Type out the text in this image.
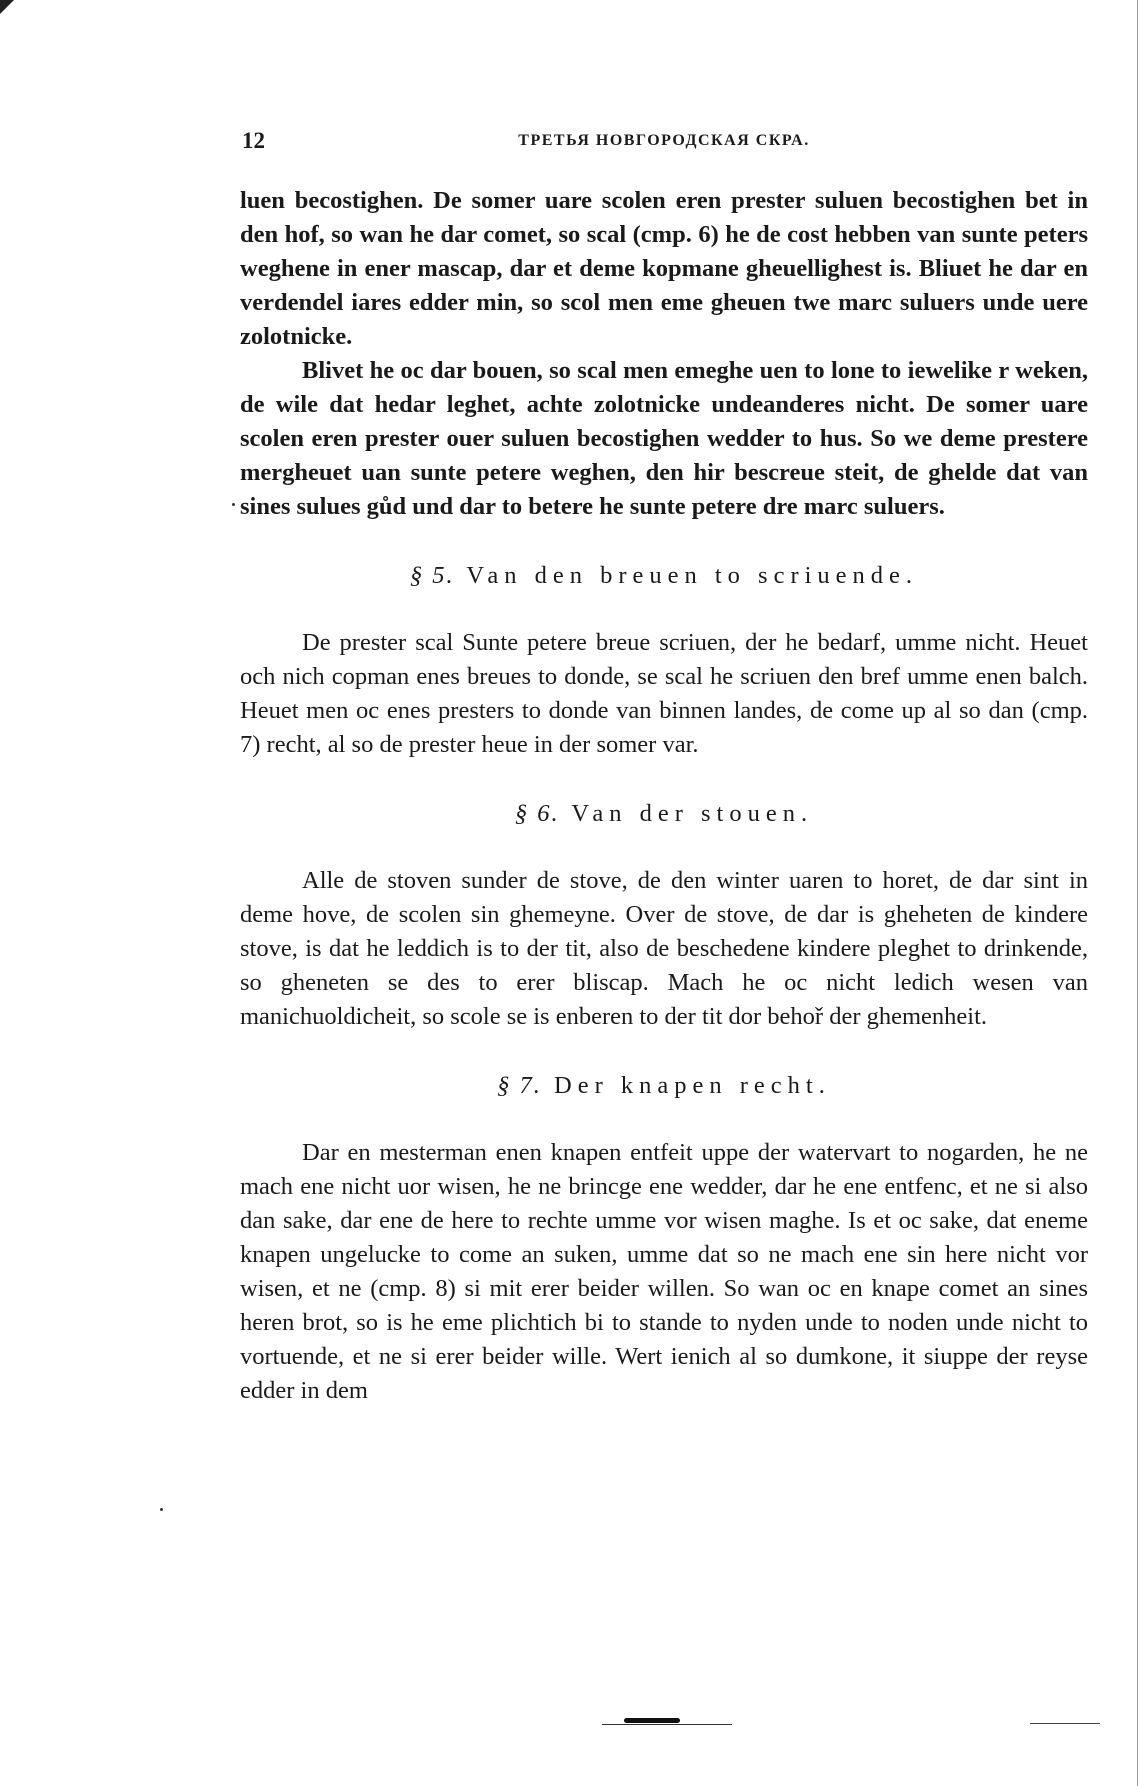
12	ТРЕТЬЯ НОВГОРОДСКАЯ СКРА.

luen becostighen. De somer uare scolen eren prester suluen becostighen bet in den hof, so wan he dar comet, so scal (cmp. 6) he de cost hebben van sunte peters weghene in ener mascap, dar et deme kopmane gheuellighest is. Bliuet he dar en verdendel iares edder min, so scol men eme gheuen twe marc suluers unde uere zolotnicke.

Blivet he oc dar bouen, so scal men emeghe uen to lone to iewelike r weken, de wile dat hedar leghet, achte zolotnicke undeanderes nicht. De somer uare scolen eren prester ouer suluen becostighen wedder to hus. So we deme prestere mergheuet uan sunte petere weghen, den hir bescreue steit, de ghelde dat van sines sulues gůd und dar to betere he sunte petere dre marc suluers.

§ 5. Van den breuen to scriuende.

De prester scal Sunte petere breue scriuen, der he bedarf, umme nicht. Heuet och nich copman enes breues to donde, se scal he scriuen den bref umme enen balch. Heuet men oc enes presters to donde van binnen landes, de come up al so dan (cmp. 7) recht, al so de prester heue in der somer var.

§ 6. Van der stouen.

Alle de stoven sunder de stove, de den winter uaren to horet, de dar sint in deme hove, de scolen sin ghemeyne. Over de stove, de dar is gheheten de kindere stove, is dat he leddich is to der tit, also de beschedene kindere pleghet to drinkende, so gheneten se des to erer bliscap. Mach he oc nicht ledich wesen van manichuoldicheit, so scole se is enberen to der tit dor behoř der ghemenheit.

§ 7. Der knapen recht.

Dar en mesterman enen knapen entfeit uppe der watervart to nogarden, he ne mach ene nicht uor wisen, he ne brincge ene wedder, dar he ene entfenc, et ne si also dan sake, dar ene de here to rechte umme vor wisen maghe. Is et oc sake, dat eneme knapen ungelucke to come an suken, umme dat so ne mach ene sin here nicht vor wisen, et ne (cmp. 8) si mit erer beider willen. So wan oc en knape comet an sines heren brot, so is he eme plichtich bi to stande to nyden unde to noden unde nicht to vortuende, et ne si erer beider wille. Wert ienich al so dumkone, it siuppe der reyse edder in dem
